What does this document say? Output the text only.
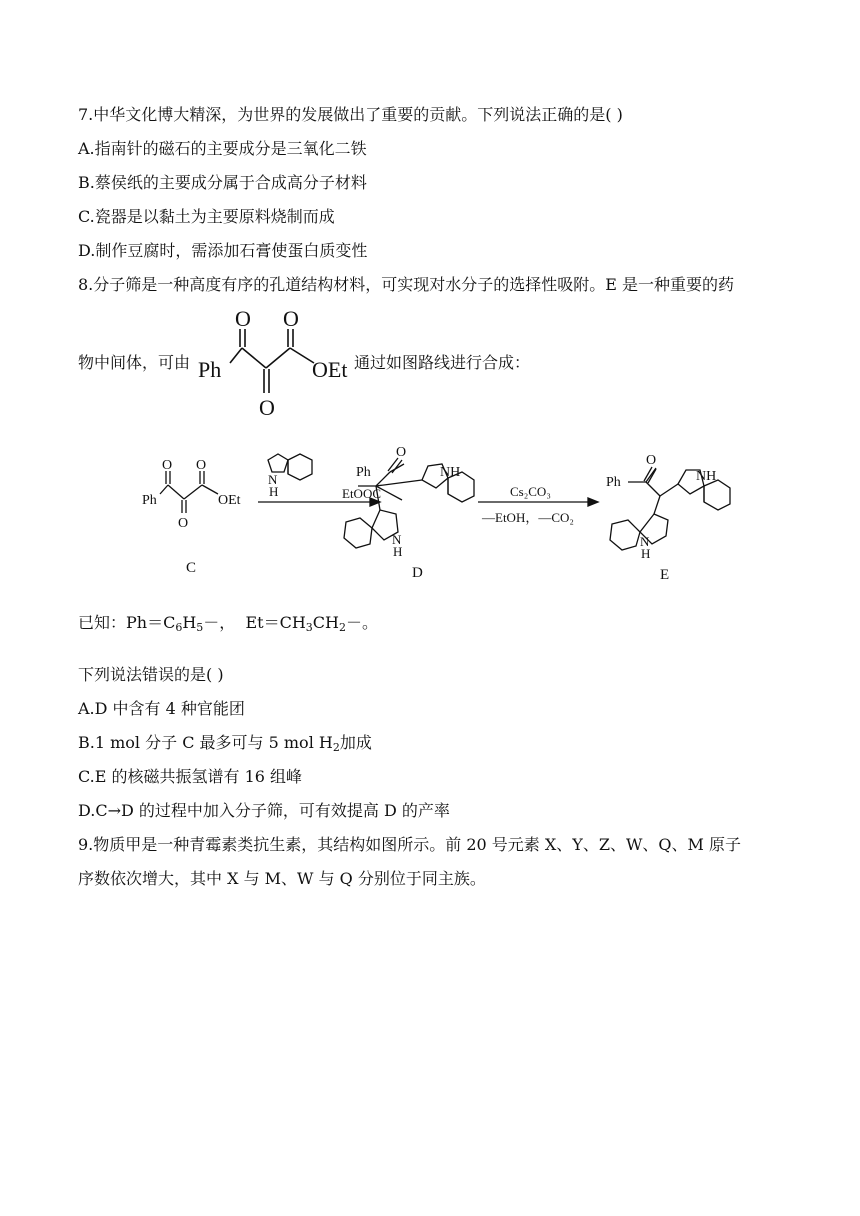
7.中华文化博大精深，为世界的发展做出了重要的贡献。下列说法正确的是( )
A.指南针的磁石的主要成分是三氧化二铁
B.蔡侯纸的主要成分属于合成高分子材料
C.瓷器是以黏土为主要原料烧制而成
D.制作豆腐时，需添加石膏使蛋白质变性
8.分子筛是一种高度有序的孔道结构材料，可实现对水分子的选择性吸附。E 是一种重要的药
物中间体，可由 Ph
O
O
O
OEt 通过如图路线进行合成：
Ph
O
O
O
OEt
C
N
H
Ph
O
EtOOC
NH
N
H
D
Cs₂CO₃
—EtOH，—CO₂
Ph
O
NH
N
H
E
已知：$Ph=C_6H_5-$， $Et=CH_3CH_2-$。
下列说法错误的是( )
A.D 中含有 4 种官能团
B.1 mol 分子 C 最多可与 5 mol $H_2$加成
C.E 的核磁共振氢谱有 16 组峰
D.C→D 的过程中加入分子筛，可有效提高 D 的产率
9.物质甲是一种青霉素类抗生素，其结构如图所示。前 20 号元素 X、Y、Z、W、Q、M 原子
序数依次增大，其中 X 与 M、W 与 Q 分别位于同主族。
